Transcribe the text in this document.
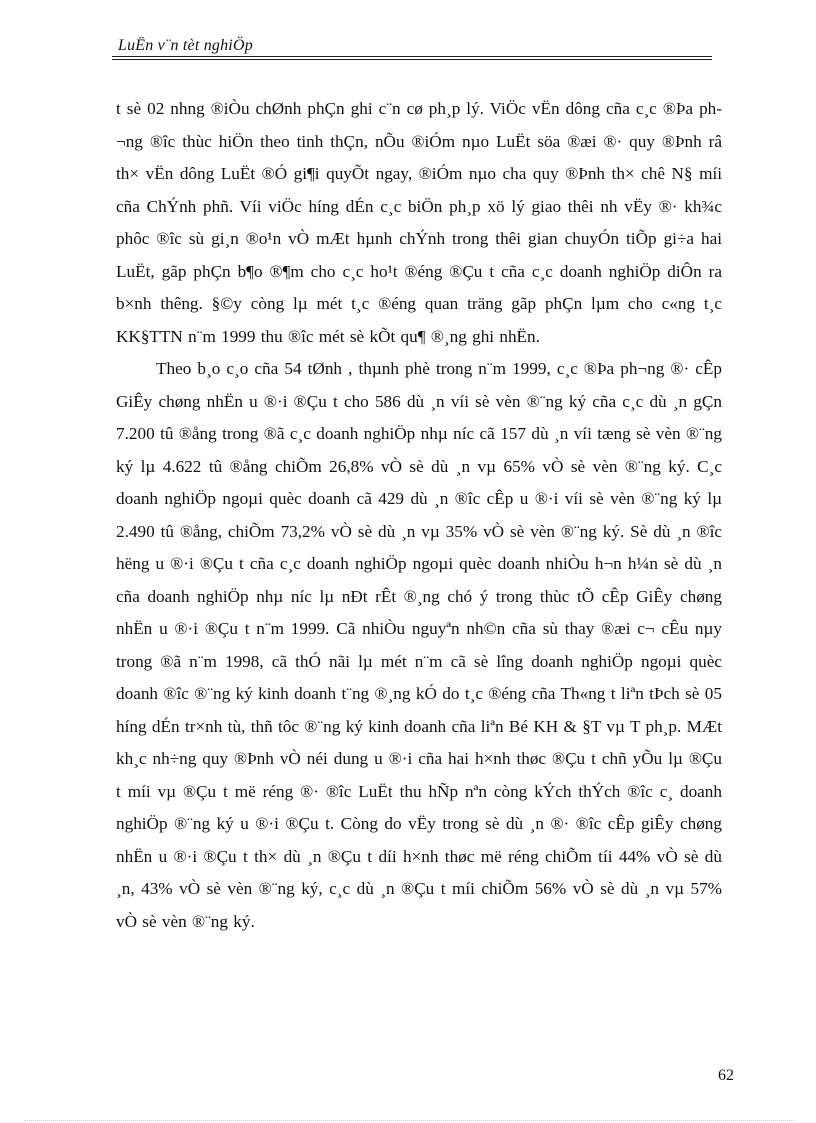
LuËn v¨n tèt nghiÖp

t sè 02 nhng ®iÒu chØnh phÇn ghi c¨n cø ph¸p lý. ViÖc vËn dông cña c¸c ®Þa ph¬ng ®îc thùc hiÖn theo tinh thÇn, nÕu ®iÓm nµo LuËt söa ®æi ®· quy ®Þnh râ th× vËn dông LuËt ®Ó gi¶i quyÕt ngay, ®iÓm nµo cha quy ®Þnh th× chê N§ míi cña ChÝnh phñ. Víi viÖc híng dÉn c¸c biÖn ph¸p xö lý giao thêi nh vËy ®· kh¾c phôc ®îc sù gi¸n ®o¹n vÒ mÆt hµnh chÝnh trong thêi gian chuyÓn tiÕp gi÷a hai LuËt, gãp phÇn b¶o ®¶m cho c¸c ho¹t ®éng ®Çu t cña c¸c doanh nghiÖp diÔn ra b×nh thêng. §©y còng lµ mét t¸c ®éng quan träng gãp phÇn lµm cho c«ng t¸c KK§TTN n¨m 1999 thu ®îc mét sè kÕt qu¶ ®¸ng ghi nhËn.

Theo b¸o c¸o cña 54 tØnh , thµnh phè trong n¨m 1999, c¸c ®Þa ph¬ng ®· cÊp GiÊy chøng nhËn u ®·i ®Çu t cho 586 dù ¸n víi sè vèn ®¨ng ký cña c¸c dù ¸n gÇn 7.200 tû ®ång trong ®ã c¸c doanh nghiÖp nhµ níc cã 157 dù ¸n víi tæng sè vèn ®¨ng ký lµ 4.622 tû ®ång chiÕm 26,8% vÒ sè dù ¸n vµ 65% vÒ sè vèn ®¨ng ký. C¸c doanh nghiÖp ngoµi quèc doanh cã 429 dù ¸n ®îc cÊp u ®·i víi sè vèn ®¨ng ký lµ 2.490 tû ®ång, chiÕm 73,2% vÒ sè dù ¸n vµ 35% vÒ sè vèn ®¨ng ký. Sè dù ¸n ®îc hëng u ®·i ®Çu t cña c¸c doanh nghiÖp ngoµi quèc doanh nhiÒu h¬n h¼n sè dù ¸n cña doanh nghiÖp nhµ níc lµ nÐt rÊt ®¸ng chó ý trong thùc tÕ cÊp GiÊy chøng nhËn u ®·i ®Çu t n¨m 1999. Cã nhiÒu nguyªn nh©n cña sù thay ®æi c¬ cÊu nµy trong ®ã n¨m 1998, cã thÓ nãi lµ mét n¨m cã sè lîng doanh nghiÖp ngoµi quèc doanh ®îc ®¨ng ký kinh doanh t¨ng ®¸ng kÓ do t¸c ®éng cña Th«ng t liªn tÞch sè 05 híng dÉn tr×nh tù, thñ tôc ®¨ng ký kinh doanh cña liªn Bé KH & §T vµ T ph¸p. MÆt kh¸c nh÷ng quy ®Þnh vÒ néi dung u ®·i cña hai h×nh thøc ®Çu t chñ yÕu lµ ®Çu t míi vµ ®Çu t më réng ®· ®îc LuËt thu hÑp nªn còng kÝch thÝch ®îc c¸ doanh nghiÖp ®¨ng ký u ®·i ®Çu t. Còng do vËy trong sè dù ¸n ®· ®îc cÊp giÊy chøng nhËn u ®·i ®Çu t th× dù ¸n ®Çu t díi h×nh thøc më réng chiÕm tíi 44% vÒ sè dù ¸n, 43% vÒ sè vèn ®¨ng ký, c¸c dù ¸n ®Çu t míi chiÕm 56% vÒ sè dù ¸n vµ 57% vÒ sè vèn ®¨ng ký.

62
